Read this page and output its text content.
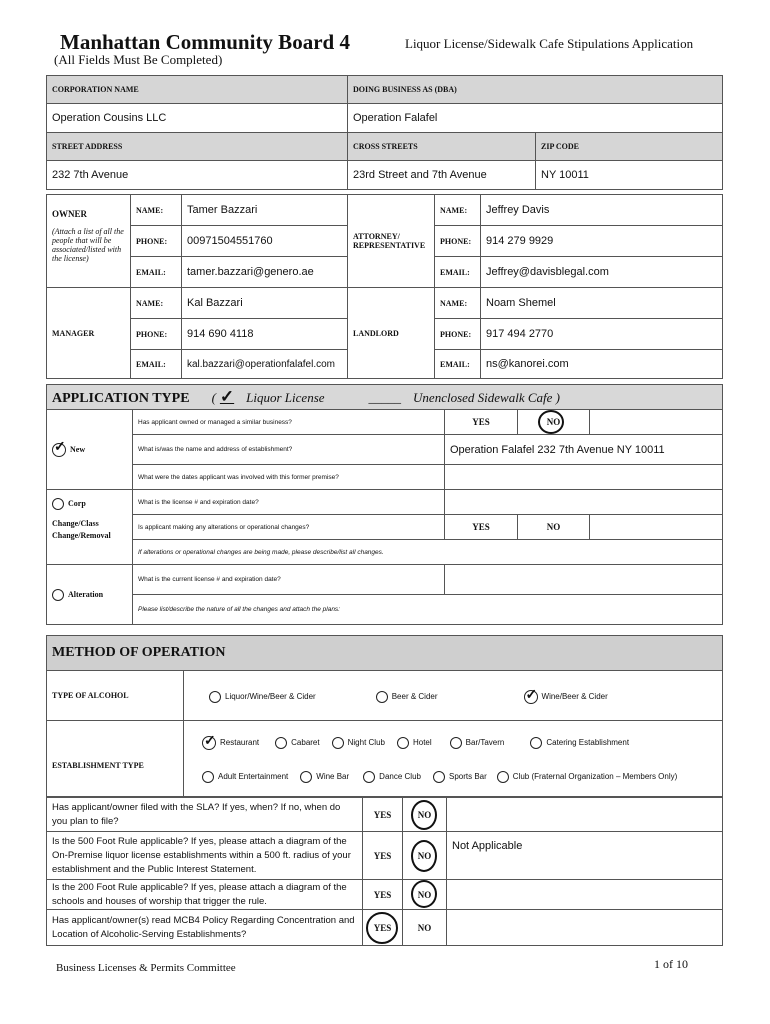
Manhattan Community Board 4
(All Fields Must Be Completed)
Liquor License/Sidewalk Cafe Stipulations Application
CORPORATION NAME	DOING BUSINESS AS (DBA)	
Operation Cousins LLC	Operation Falafel	
STREET ADDRESS	CROSS STREETS	ZIP CODE
232 7th Avenue	23rd Street and 7th Avenue	NY 10011
OWNER
(Attach a list of all the people that will be associated/listed with the license)	NAME:	Tamer Bazzari	ATTORNEY/ REPRESENTATIVE	NAME:	Jeffrey Davis
	PHONE:	00971504551760		PHONE:	914 279 9929
	EMAIL:	tamer.bazzari@genero.ae		EMAIL:	Jeffrey@davisblegal.com
MANAGER	NAME:	Kal Bazzari	LANDLORD	NAME:	Noam Shemel
	PHONE:	914 690 4118		PHONE:	917 494 2770
	EMAIL:	kal.bazzari@operationfalafel.com		EMAIL:	ns@kanorei.com
APPLICATION TYPE ( ✓ Liquor License _____ Unenclosed Sidewalk Cafe )				
✓New	Has applicant owned or managed a similar business?	YES	NO

	What is/was the name and address of establishment?	Operation Falafel 232 7th Avenue NY 10011		
	What were the dates applicant was involved with this former premise?			

Corp
Change/Class Change/Removal	What is the license # and expiration date?			
	Is applicant making any alterations or operational changes?	YES	NO	
	If alterations or operational changes are being made, please describe/list all changes.			
Alteration	What is the current license # and expiration date?			
	Please list/describe the nature of all the changes and attach the plans:			
METHOD OF OPERATION	
TYPE OF ALCOHOL	Liquor/Wine/Beer & Cider Beer & Cider ✓ Wine/Beer & Cider
ESTABLISHMENT TYPE	
✓Restaurant Cabaret Night Club Hotel Bar/Tavern Catering Establishment
Adult Entertainment Wine Bar Dance Club Sports Bar Club (Fraternal Organization – Members Only)
Has applicant/owner filed with the SLA? If yes, when? If no, when do you plan to file?	YES	NO

Is the 500 Foot Rule applicable? If yes, please attach a diagram of the On-Premise liquor license establishments within a 500 ft. radius of your establishment and the Public Interest Statement.	YES	NO	Not Applicable
Is the 200 Foot Rule applicable? If yes, please attach a diagram of the schools and houses of worship that trigger the rule.	YES	NO

Has applicant/owner(s) read MCB4 Policy Regarding Concentration and Location of Alcoholic-Serving Establishments?	YES	NO	
Business Licenses & Permits Committee	1 of 10
